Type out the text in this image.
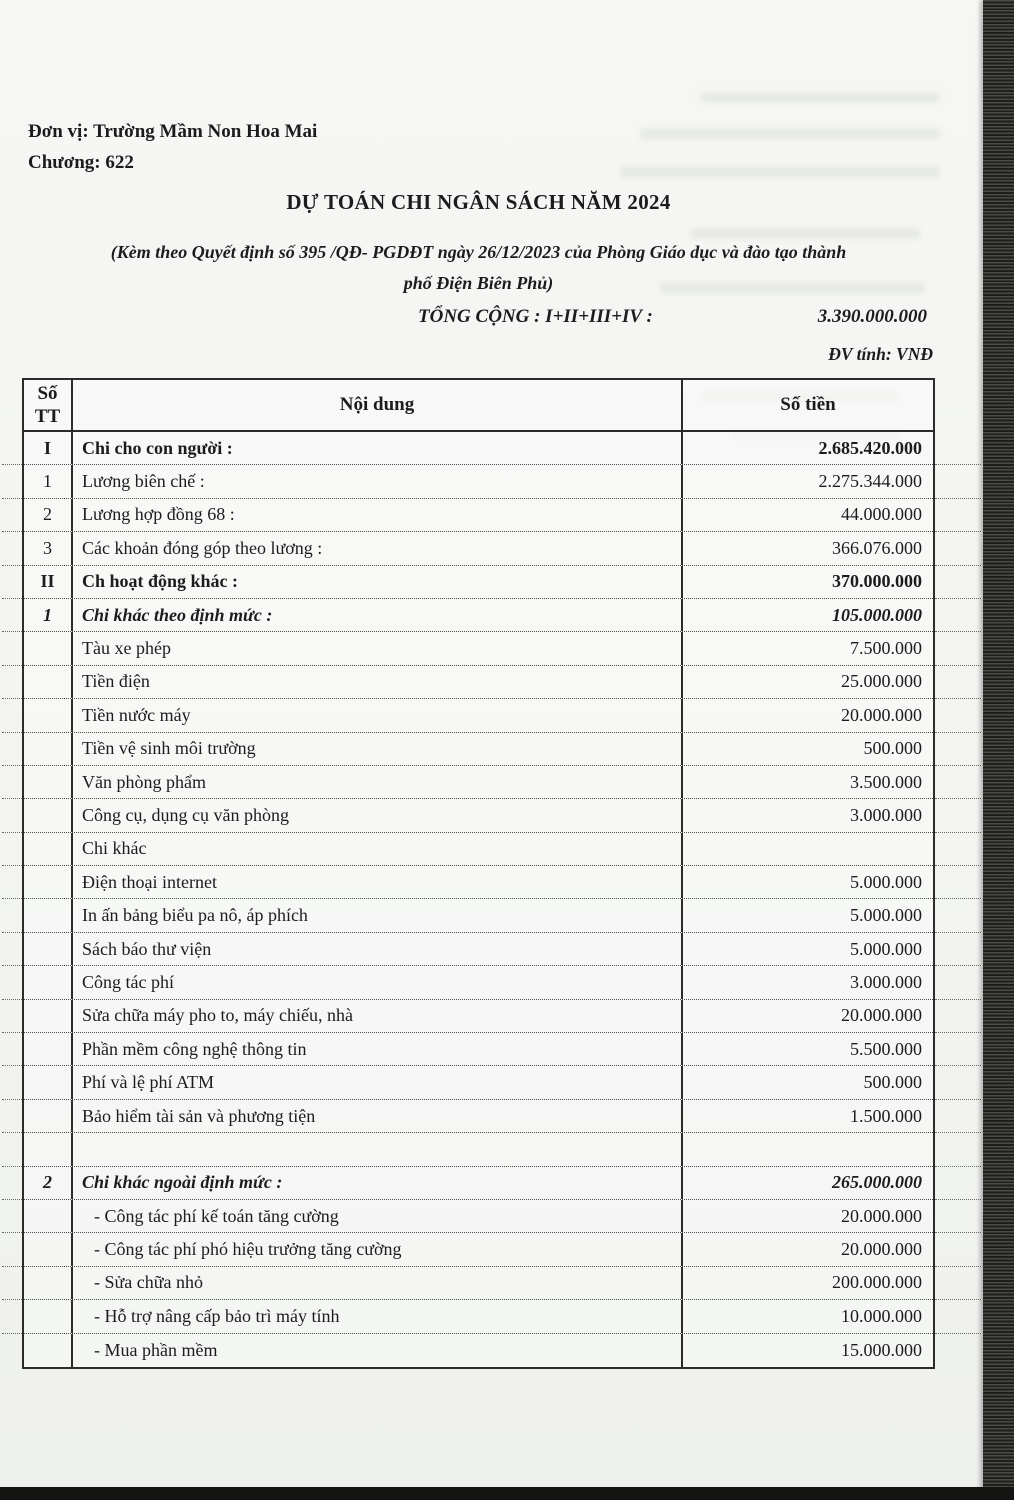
Đơn vị: Trường Mầm Non Hoa Mai
Chương: 622
DỰ TOÁN CHI NGÂN SÁCH NĂM 2024
(Kèm theo Quyết định số 395 /QĐ- PGDĐT ngày 26/12/2023 của Phòng Giáo dục và đào tạo thành
phố Điện Biên Phủ)
TỔNG CỘNG : I+II+III+IV :	3.390.000.000
ĐV tính: VNĐ
Số
TT
Nội dung	Số tiền
I	Chi cho con người :	2.685.420.000
1	Lương biên chế :	2.275.344.000
2	Lương hợp đồng 68 :	44.000.000
3	Các khoản đóng góp theo lương :	366.076.000
II	Ch hoạt động khác :	370.000.000
1	Chi khác theo định mức :	105.000.000
Tàu xe phép	7.500.000
Tiền điện	25.000.000
Tiền nước máy	20.000.000
Tiền vệ sinh môi trường	500.000
Văn phòng phẩm	3.500.000
Công cụ, dụng cụ văn phòng	3.000.000
Chi khác
Điện thoại internet	5.000.000
In ấn bảng biểu pa nô, áp phích	5.000.000
Sách báo thư viện	5.000.000
Công tác phí	3.000.000
Sửa chữa máy pho to, máy chiếu, nhà	20.000.000
Phần mềm công nghệ thông tin	5.500.000
Phí và lệ phí ATM	500.000
Bảo hiểm tài sản và phương tiện	1.500.000
2	Chi khác ngoài định mức :	265.000.000
- Công tác phí kế toán tăng cường	20.000.000
- Công tác phí phó hiệu trưởng tăng cường	20.000.000
- Sửa chữa nhỏ	200.000.000
- Hỗ trợ nâng cấp bảo trì máy tính	10.000.000
- Mua phần mềm	15.000.000
